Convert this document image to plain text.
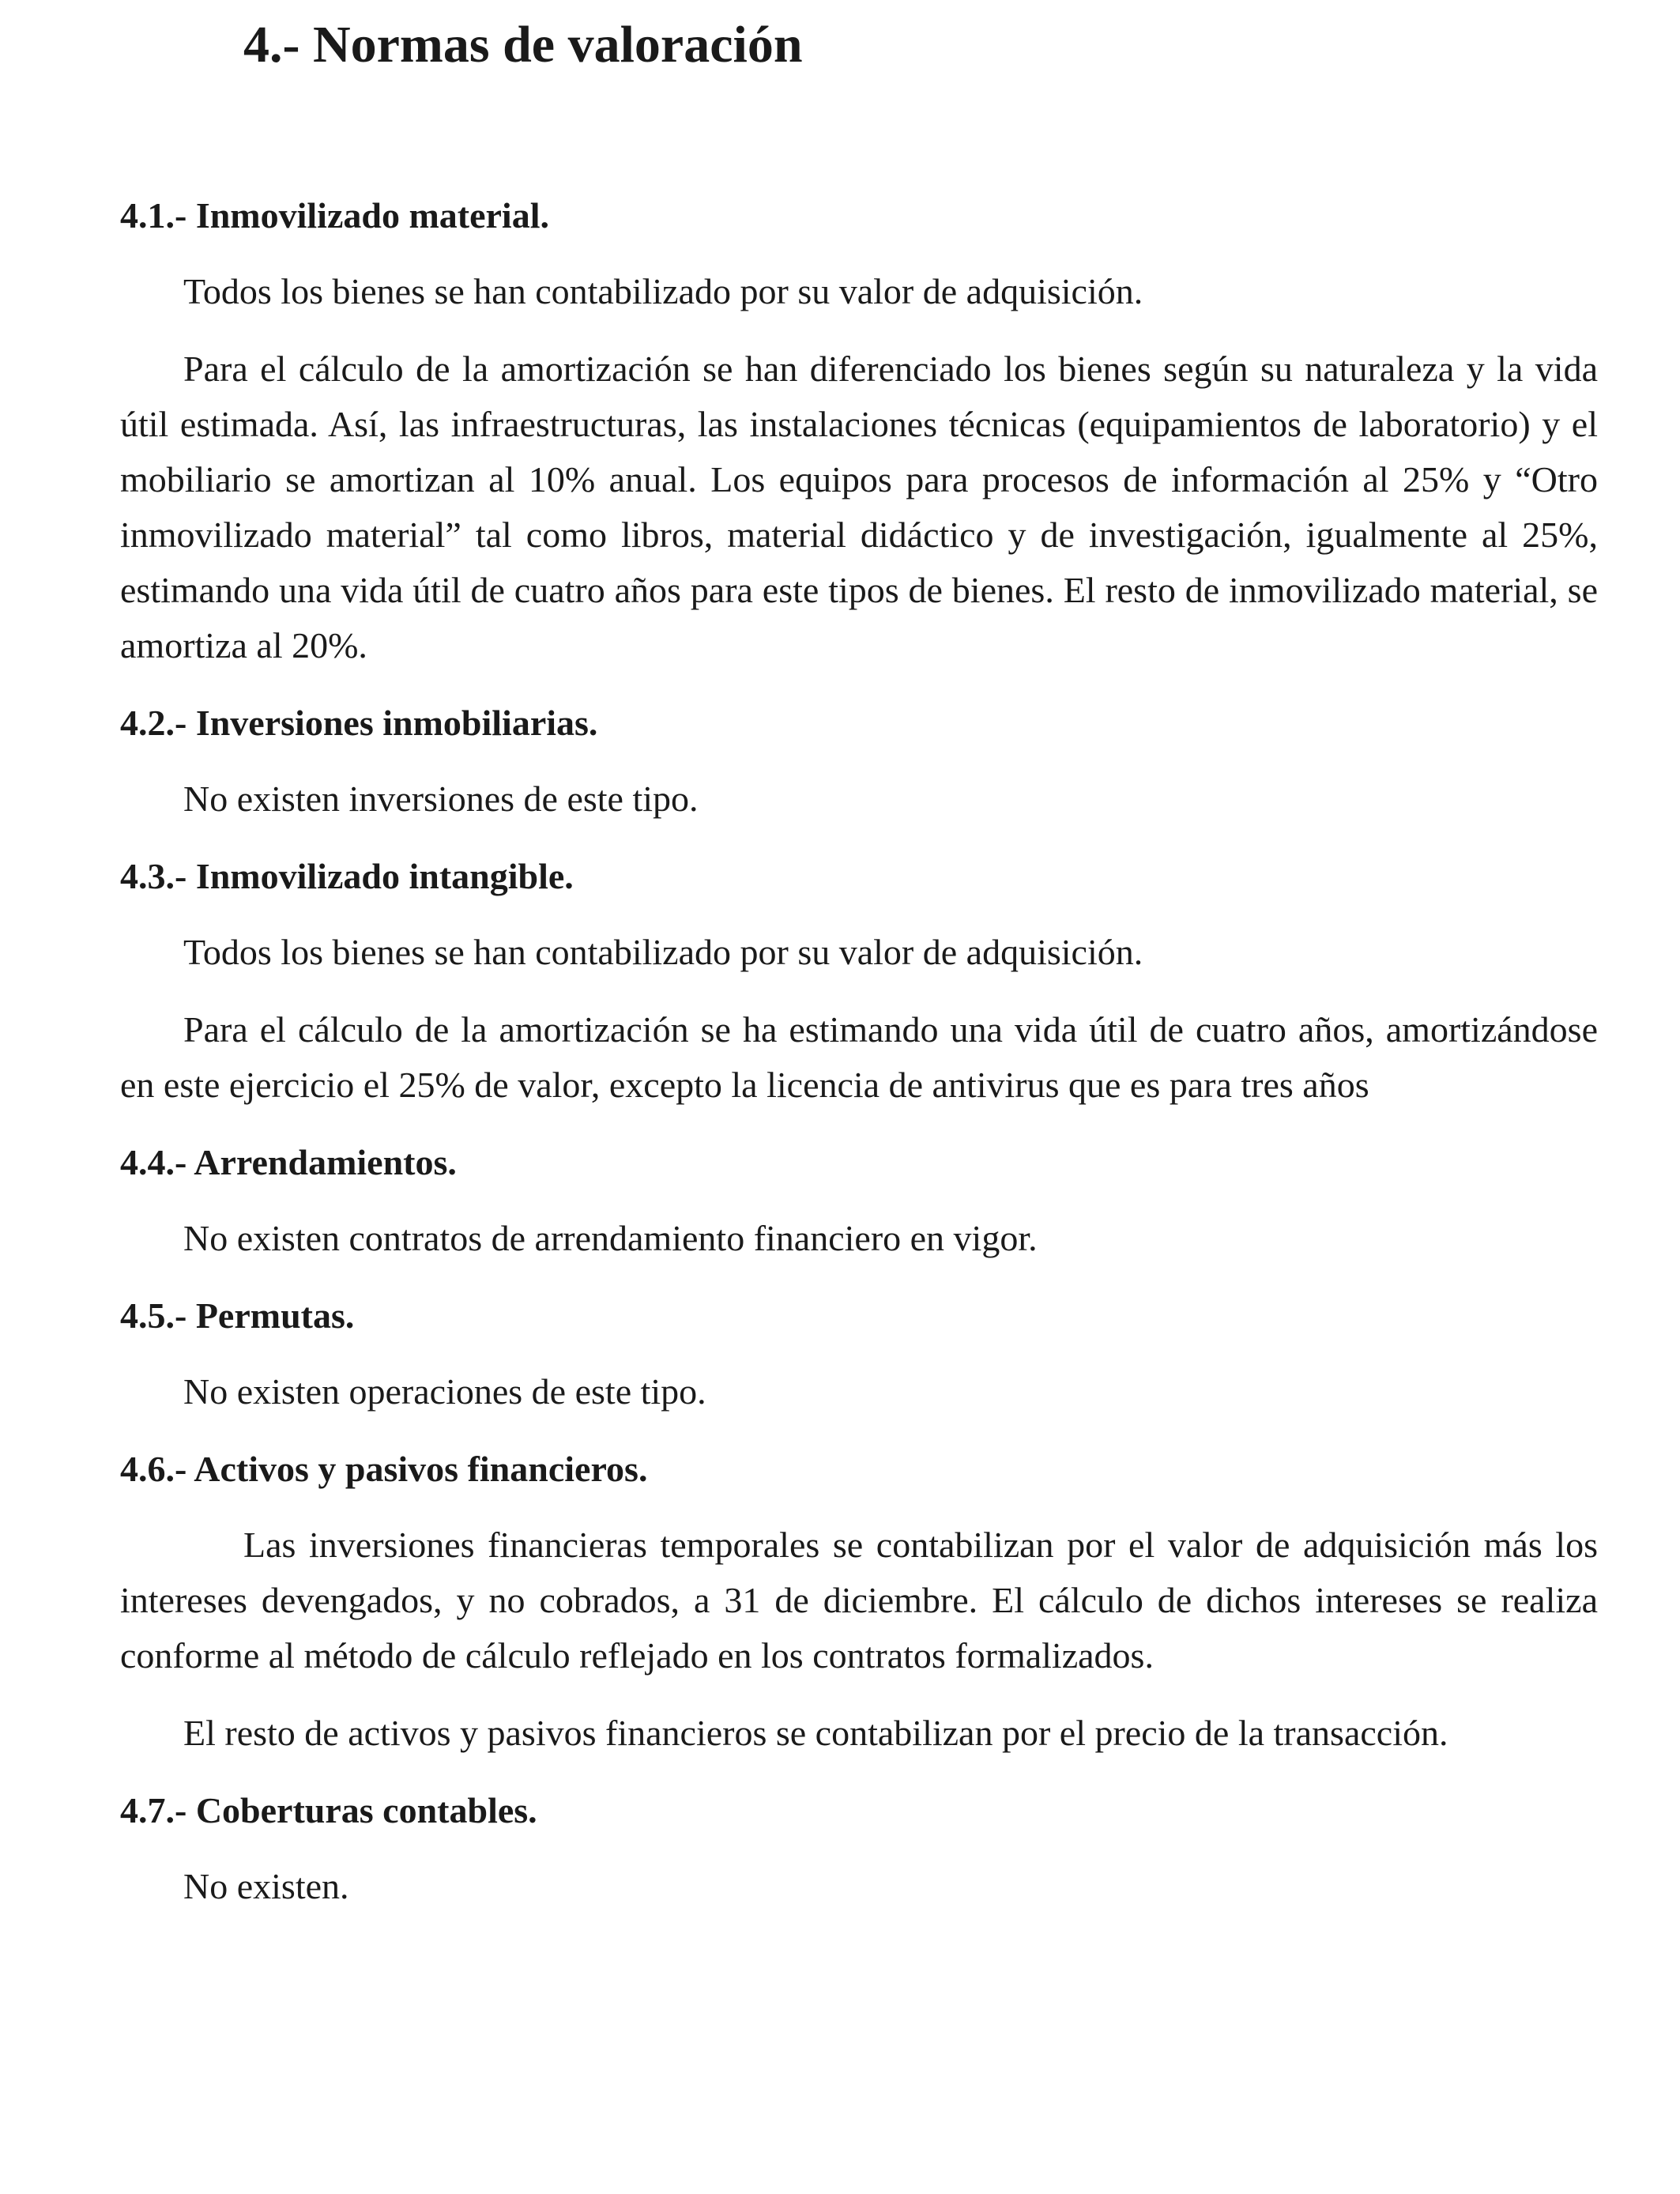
4.- Normas de valoración
4.1.- Inmovilizado material.

Todos los bienes se han contabilizado por su valor de adquisición.

Para el cálculo de la amortización se han diferenciado los bienes según su naturaleza y la vida útil estimada. Así, las infraestructuras, las instalaciones técnicas (equipamientos de laboratorio) y el mobiliario se amortizan al 10% anual. Los equipos para procesos de información al 25% y “Otro inmovilizado material” tal como libros, material didáctico y de investigación, igualmente al 25%, estimando una vida útil de cuatro años para este tipos de bienes. El resto de inmovilizado material, se amortiza al 20%.

4.2.- Inversiones inmobiliarias.

No existen inversiones de este tipo.

4.3.- Inmovilizado intangible.

Todos los bienes se han contabilizado por su valor de adquisición.

Para el cálculo de la amortización se ha estimando una vida útil de cuatro años, amortizándose en este ejercicio el 25% de valor, excepto la licencia de antivirus que es para tres años

4.4.- Arrendamientos.

No existen contratos de arrendamiento financiero en vigor.

4.5.- Permutas.

No existen operaciones de este tipo.

4.6.- Activos y pasivos financieros.

Las inversiones financieras temporales se contabilizan por el valor de adquisición más los intereses devengados, y no cobrados, a 31 de diciembre. El cálculo de dichos intereses se realiza conforme al método de cálculo reflejado en los contratos formalizados.

El resto de activos y pasivos financieros se contabilizan por el precio de la transacción.

4.7.- Coberturas contables.

No existen.
